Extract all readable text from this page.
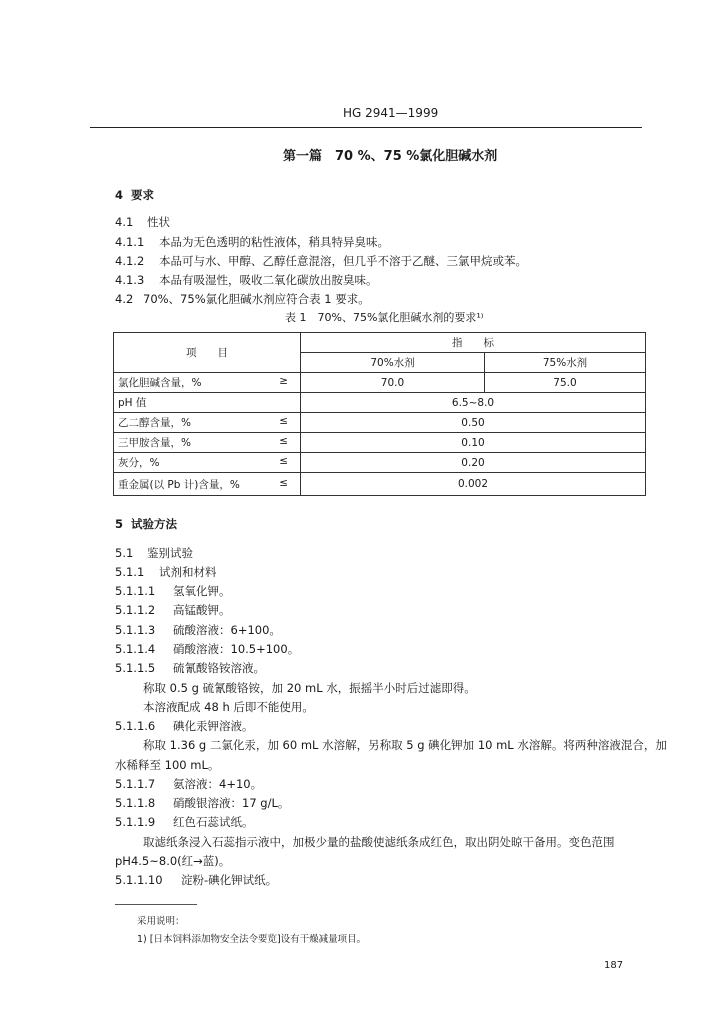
HG 2941—1999
第一篇　70 %、75 %氯化胆碱水剂
4 要求
4.1 性状
4.1.1 本品为无色透明的粘性液体，稍具特异臭味。
4.1.2 本品可与水、甲醇、乙醇任意混溶，但几乎不溶于乙醚、三氯甲烷或苯。
4.1.3 本品有吸湿性，吸收二氧化碳放出胺臭味。
4.2 70%、75%氯化胆碱水剂应符合表 1 要求。
表 1　70%、75%氯化胆碱水剂的要求¹⁾
项　　目	指　　标	
	70%水剂	75%水剂
氯化胆碱含量，% ≥	70.0	75.0
pH 值	6.5~8.0	
乙二醇含量，% ≤	0.50	
三甲胺含量，% ≤	0.10	
灰分，% ≤	0.20	
重金属(以 Pb 计)含量，% ≤	0.002	
5 试验方法
5.1 鉴别试验
5.1.1 试剂和材料
5.1.1.1 氢氧化钾。
5.1.1.2 高锰酸钾。
5.1.1.3 硫酸溶液：6+100。
5.1.1.4 硝酸溶液：10.5+100。
5.1.1.5 硫氰酸铬铵溶液。
称取 0.5 g 硫氰酸铬铵，加 20 mL 水，振摇半小时后过滤即得。
本溶液配成 48 h 后即不能使用。
5.1.1.6 碘化汞钾溶液。
称取 1.36 g 二氯化汞，加 60 mL 水溶解，另称取 5 g 碘化钾加 10 mL 水溶解。将两种溶液混合，加
水稀释至 100 mL。
5.1.1.7 氨溶液：4+10。
5.1.1.8 硝酸银溶液：17 g/L。
5.1.1.9 红色石蕊试纸。
取滤纸条浸入石蕊指示液中，加极少量的盐酸使滤纸条成红色，取出阴处晾干备用。变色范围
pH4.5~8.0(红→蓝)。
5.1.1.10 淀粉-碘化钾试纸。
采用说明：
1) [日本饲料添加物安全法令要览]设有干燥减量项目。
187
